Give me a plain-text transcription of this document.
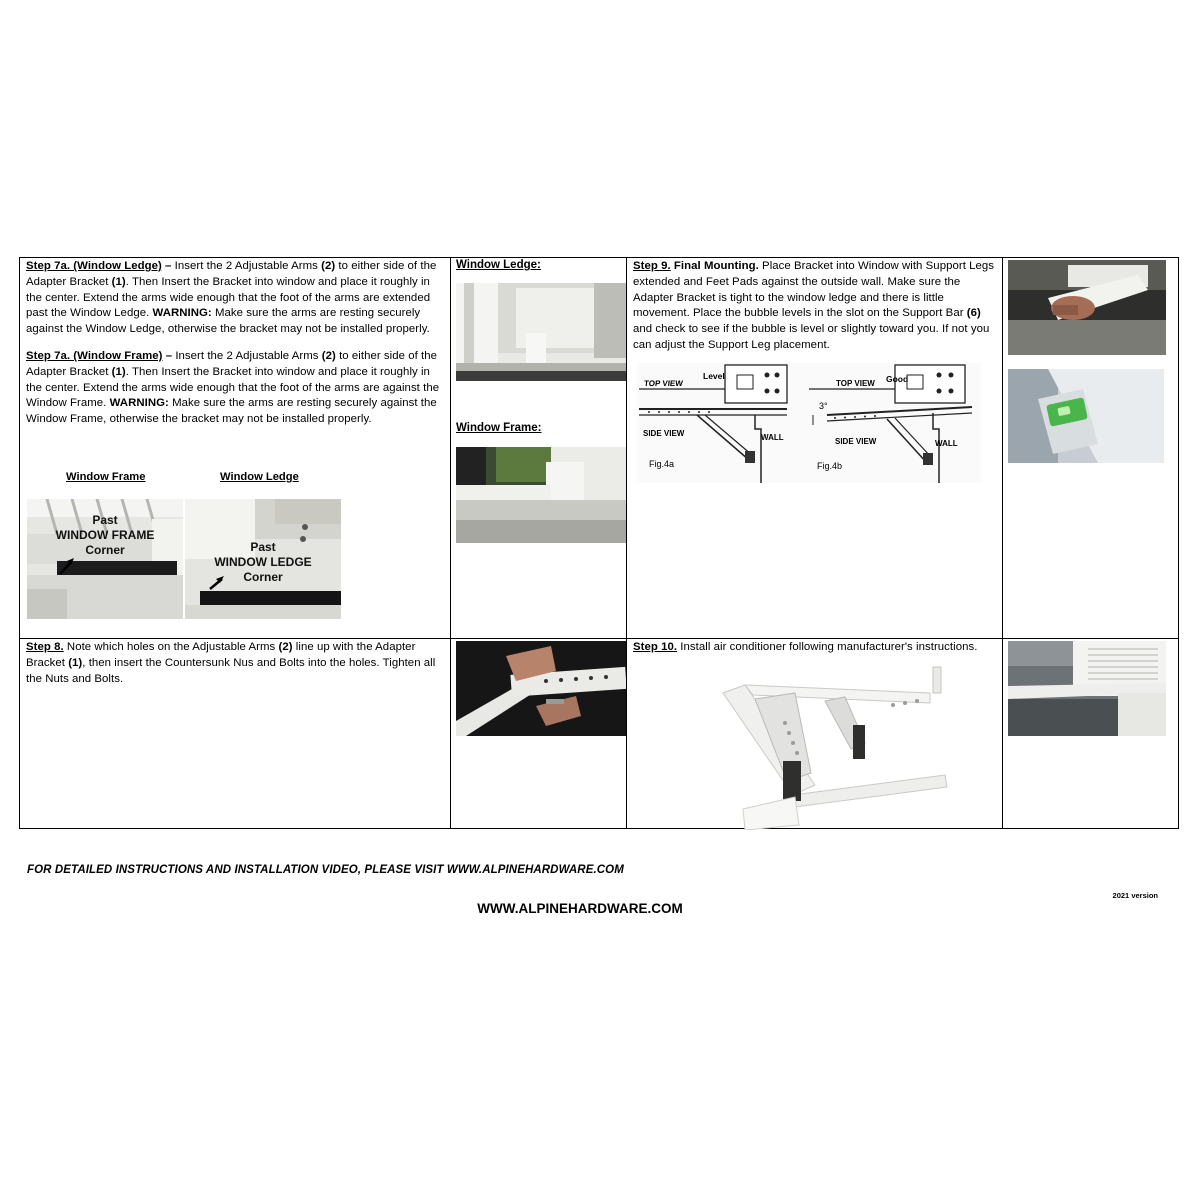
Step 7a. (Window Ledge) – Insert the 2 Adjustable Arms (2) to either side of the Adapter Bracket (1). Then Insert the Bracket into window and place it roughly in the center. Extend the arms wide enough that the foot of the arms are extended past the Window Ledge. WARNING: Make sure the arms are resting securely against the Window Ledge, otherwise the bracket may not be installed properly.
Step 7a. (Window Frame) – Insert the 2 Adjustable Arms (2) to either side of the Adapter Bracket (1). Then Insert the Bracket into window and place it roughly in the center. Extend the arms wide enough that the foot of the arms are against the Window Frame. WARNING: Make sure the arms are resting securely against the Window Frame, otherwise the bracket may not be installed properly.
Window Frame	Window Ledge
Past
WINDOW FRAME
Corner	Past
WINDOW LEDGE
Corner
Window Ledge:
Window Frame:
Step 9. Final Mounting. Place Bracket into Window with Support Legs extended and Feet Pads against the outside wall. Make sure the Adapter Bracket is tight to the window ledge and there is little movement. Place the bubble levels in the slot on the Support Bar (6) and check to see if the bubble is level or slightly toward you. If not you can adjust the Support Leg placement.
TOP VIEW
Level
SIDE VIEW	WALL
Fig.4a
TOP VIEW Good
3°
SIDE VIEW	WALL
Fig.4b
Step 8. Note which holes on the Adjustable Arms (2) line up with the Adapter Bracket (1), then insert the Countersunk Nus and Bolts into the holes. Tighten all the Nuts and Bolts.
Step 10. Install air conditioner following manufacturer's instructions.
FOR DETAILED INSTRUCTIONS AND INSTALLATION VIDEO, PLEASE VISIT WWW.ALPINEHARDWARE.COM
2021 version
WWW.ALPINEHARDWARE.COM
